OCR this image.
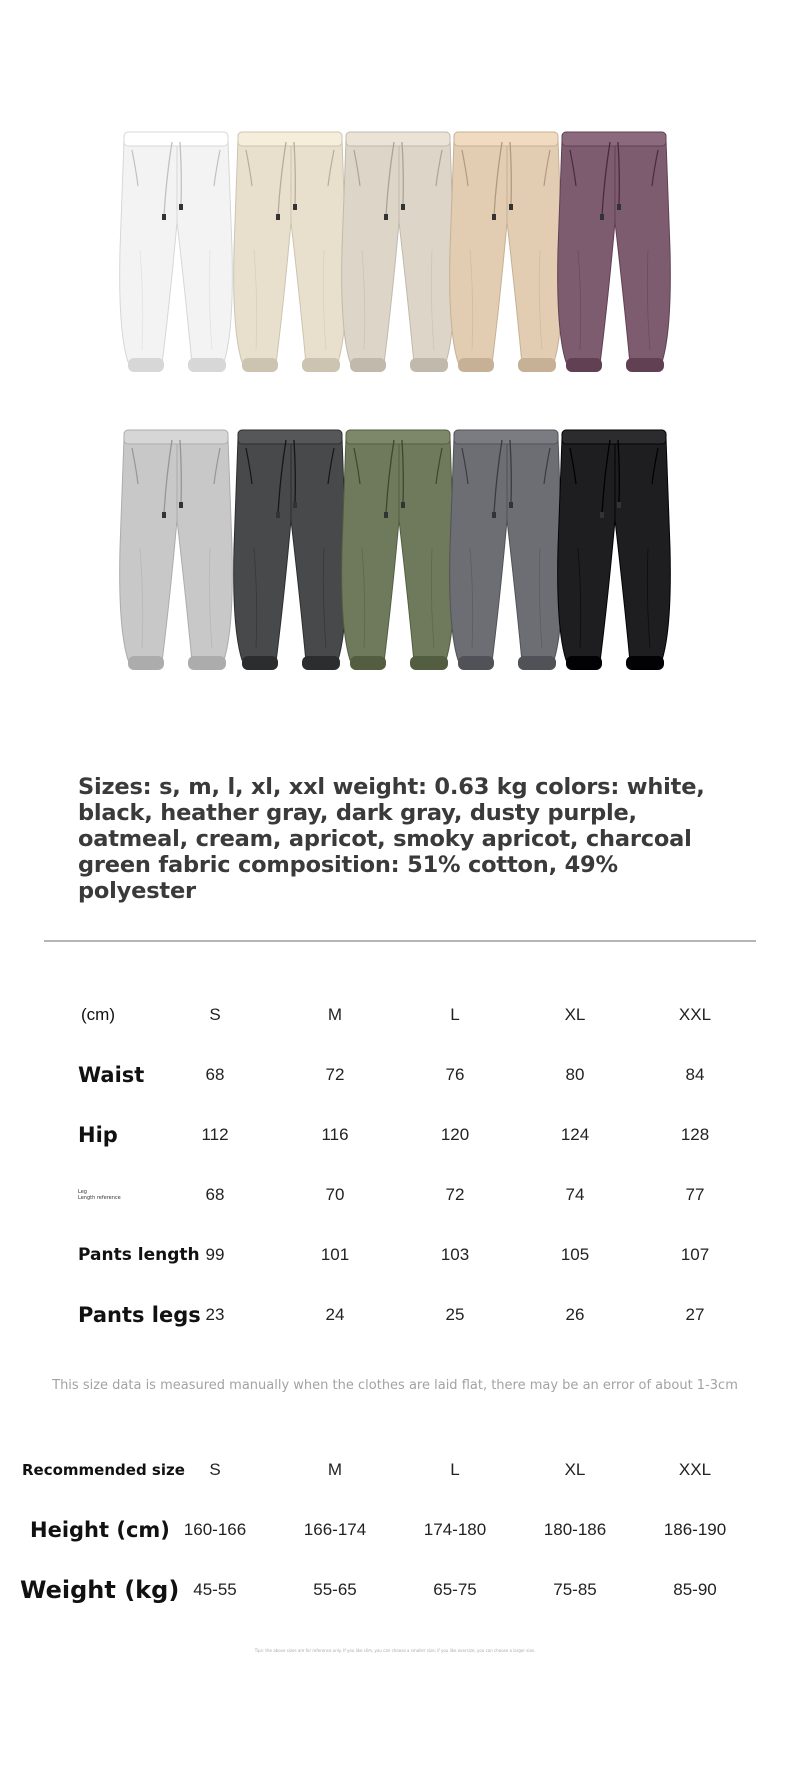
Sizes: s, m, l, xl, xxl weight: 0.63 kg colors: white, black, heather gray, dark gray, dusty purple, oatmeal, cream, apricot, smoky apricot, charcoal green fabric composition: 51% cotton, 49% polyester
(cm)	S	M	L	XL	XXL
Waist	68	72	76	80	84
Hip	112	116	120	124	128
Leg
Length reference	68	70	72	74	77
Pants length 99	101	103	105	107
Pants legs 23	24	25	26	27
This size data is measured manually when the clothes are laid flat, there may be an error of about 1-3cm
Recommended size	S	M	L	XL	XXL
Height (cm) 160-166	166-174	174-180	180-186	186-190
Weight (kg) 45-55	55-65	65-75	75-85	85-90
Tips: the above sizes are for reference only. If you like slim, you can choose a smaller size; if you like oversize, you can choose a larger size.
